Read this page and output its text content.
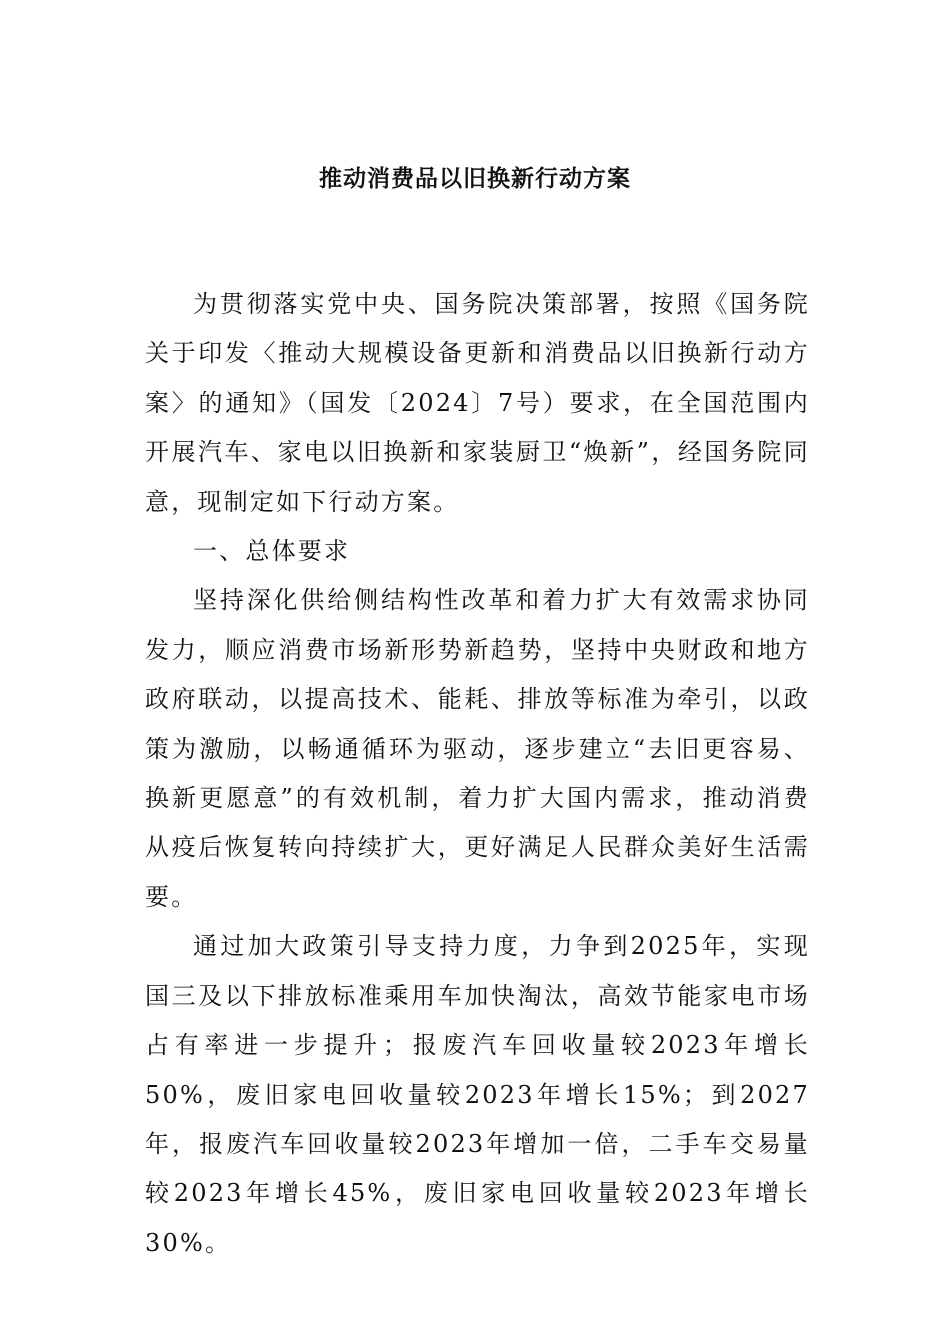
推动消费品以旧换新行动方案

为贯彻落实党中央、国务院决策部署，按照《国务院关于印发〈推动大规模设备更新和消费品以旧换新行动方案〉的通知》（国发〔2024〕7号）要求，在全国范围内开展汽车、家电以旧换新和家装厨卫“焕新”，经国务院同意，现制定如下行动方案。

一、总体要求

坚持深化供给侧结构性改革和着力扩大有效需求协同发力，顺应消费市场新形势新趋势，坚持中央财政和地方政府联动，以提高技术、能耗、排放等标准为牵引，以政策为激励，以畅通循环为驱动，逐步建立“去旧更容易、换新更愿意”的有效机制，着力扩大国内需求，推动消费从疫后恢复转向持续扩大，更好满足人民群众美好生活需要。

通过加大政策引导支持力度，力争到2025年，实现国三及以下排放标准乘用车加快淘汰，高效节能家电市场占有率进一步提升；报废汽车回收量较2023年增长50%，废旧家电回收量较2023年增长15%；到2027年，报废汽车回收量较2023年增加一倍，二手车交易量较2023年增长45%，废旧家电回收量较2023年增长30%。
